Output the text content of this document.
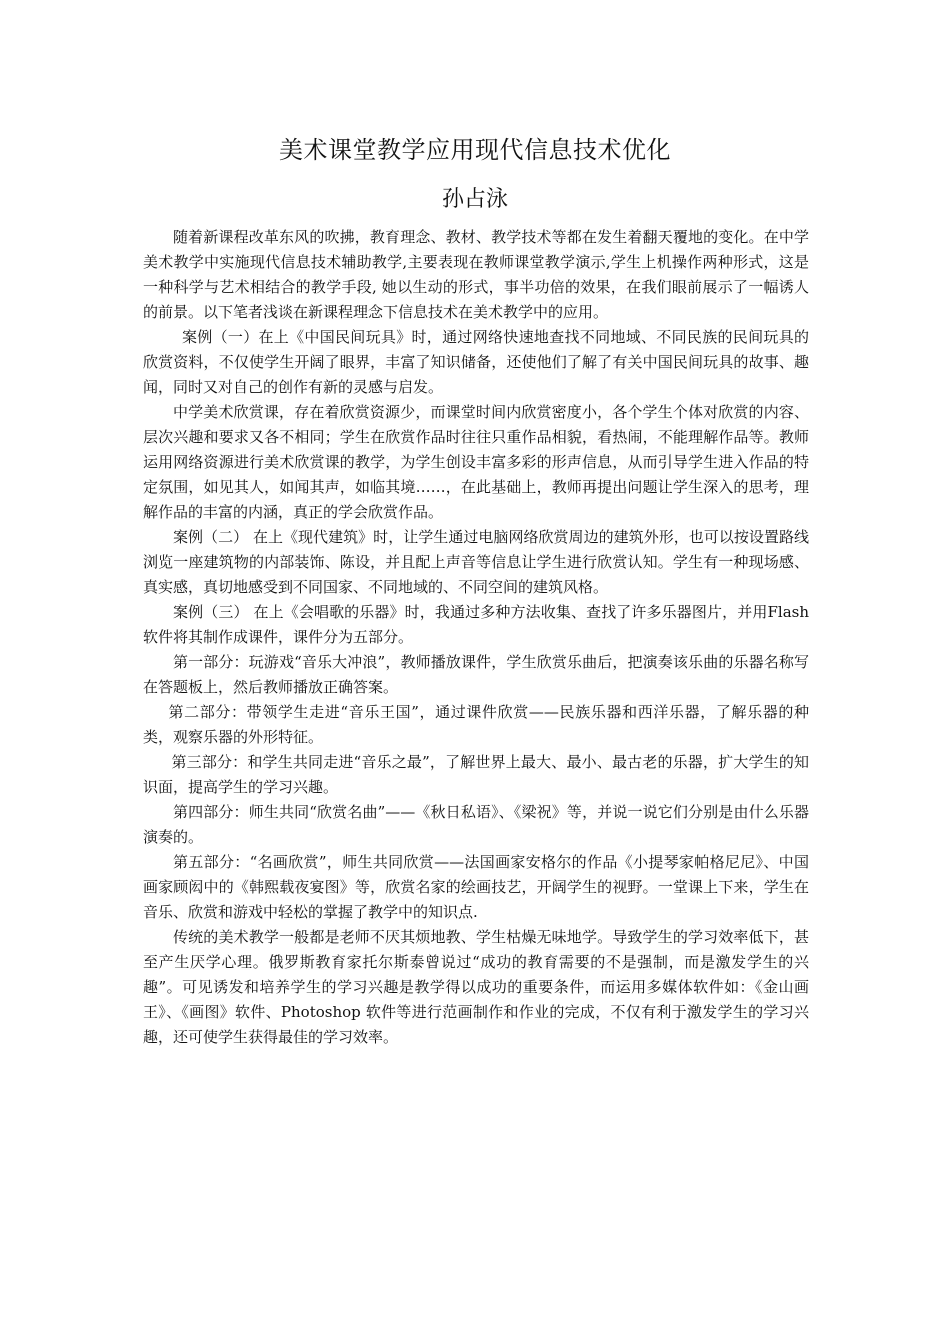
美术课堂教学应用现代信息技术优化
孙占泳

随着新课程改革东风的吹拂，教育理念、教材、教学技术等都在发生着翻天覆地的变化。在中学美术教学中实施现代信息技术辅助教学,主要表现在教师课堂教学演示,学生上机操作两种形式，这是一种科学与艺术相结合的教学手段, 她以生动的形式，事半功倍的效果，在我们眼前展示了一幅诱人的前景。以下笔者浅谈在新课程理念下信息技术在美术教学中的应用。

案例（一）在上《中国民间玩具》时，通过网络快速地查找不同地域、不同民族的民间玩具的欣赏资料，不仅使学生开阔了眼界，丰富了知识储备，还使他们了解了有关中国民间玩具的故事、趣闻，同时又对自己的创作有新的灵感与启发。

中学美术欣赏课，存在着欣赏资源少，而课堂时间内欣赏密度小，各个学生个体对欣赏的内容、层次兴趣和要求又各不相同；学生在欣赏作品时往往只重作品相貌，看热闹，不能理解作品等。教师运用网络资源进行美术欣赏课的教学，为学生创设丰富多彩的形声信息，从而引导学生进入作品的特定氛围，如见其人，如闻其声，如临其境……，在此基础上，教师再提出问题让学生深入的思考，理解作品的丰富的内涵，真正的学会欣赏作品。

案例（二） 在上《现代建筑》时，让学生通过电脑网络欣赏周边的建筑外形，也可以按设置路线浏览一座建筑物的内部装饰、陈设，并且配上声音等信息让学生进行欣赏认知。学生有一种现场感、真实感，真切地感受到不同国家、不同地域的、不同空间的建筑风格。

案例（三） 在上《会唱歌的乐器》时，我通过多种方法收集、查找了许多乐器图片，并用Flash 软件将其制作成课件，课件分为五部分。

第一部分：玩游戏“音乐大冲浪”，教师播放课件，学生欣赏乐曲后，把演奏该乐曲的乐器名称写在答题板上，然后教师播放正确答案。

第二部分：带领学生走进“音乐王国”，通过课件欣赏——民族乐器和西洋乐器，了解乐器的种类，观察乐器的外形特征。

第三部分：和学生共同走进“音乐之最”，了解世界上最大、最小、最古老的乐器，扩大学生的知识面，提高学生的学习兴趣。

第四部分：师生共同“欣赏名曲”——《秋日私语》、《梁祝》等，并说一说它们分别是由什么乐器演奏的。

第五部分：“名画欣赏”，师生共同欣赏——法国画家安格尔的作品《小提琴家帕格尼尼》、中国画家顾闳中的《韩熙载夜宴图》等，欣赏名家的绘画技艺，开阔学生的视野。一堂课上下来，学生在音乐、欣赏和游戏中轻松的掌握了教学中的知识点.

传统的美术教学一般都是老师不厌其烦地教、学生枯燥无味地学。导致学生的学习效率低下，甚至产生厌学心理。俄罗斯教育家托尔斯泰曾说过“成功的教育需要的不是强制，而是激发学生的兴趣”。可见诱发和培养学生的学习兴趣是教学得以成功的重要条件，而运用多媒体软件如：《金山画王》、《画图》软件、Photoshop 软件等进行范画制作和作业的完成，不仅有利于激发学生的学习兴趣，还可使学生获得最佳的学习效率。
